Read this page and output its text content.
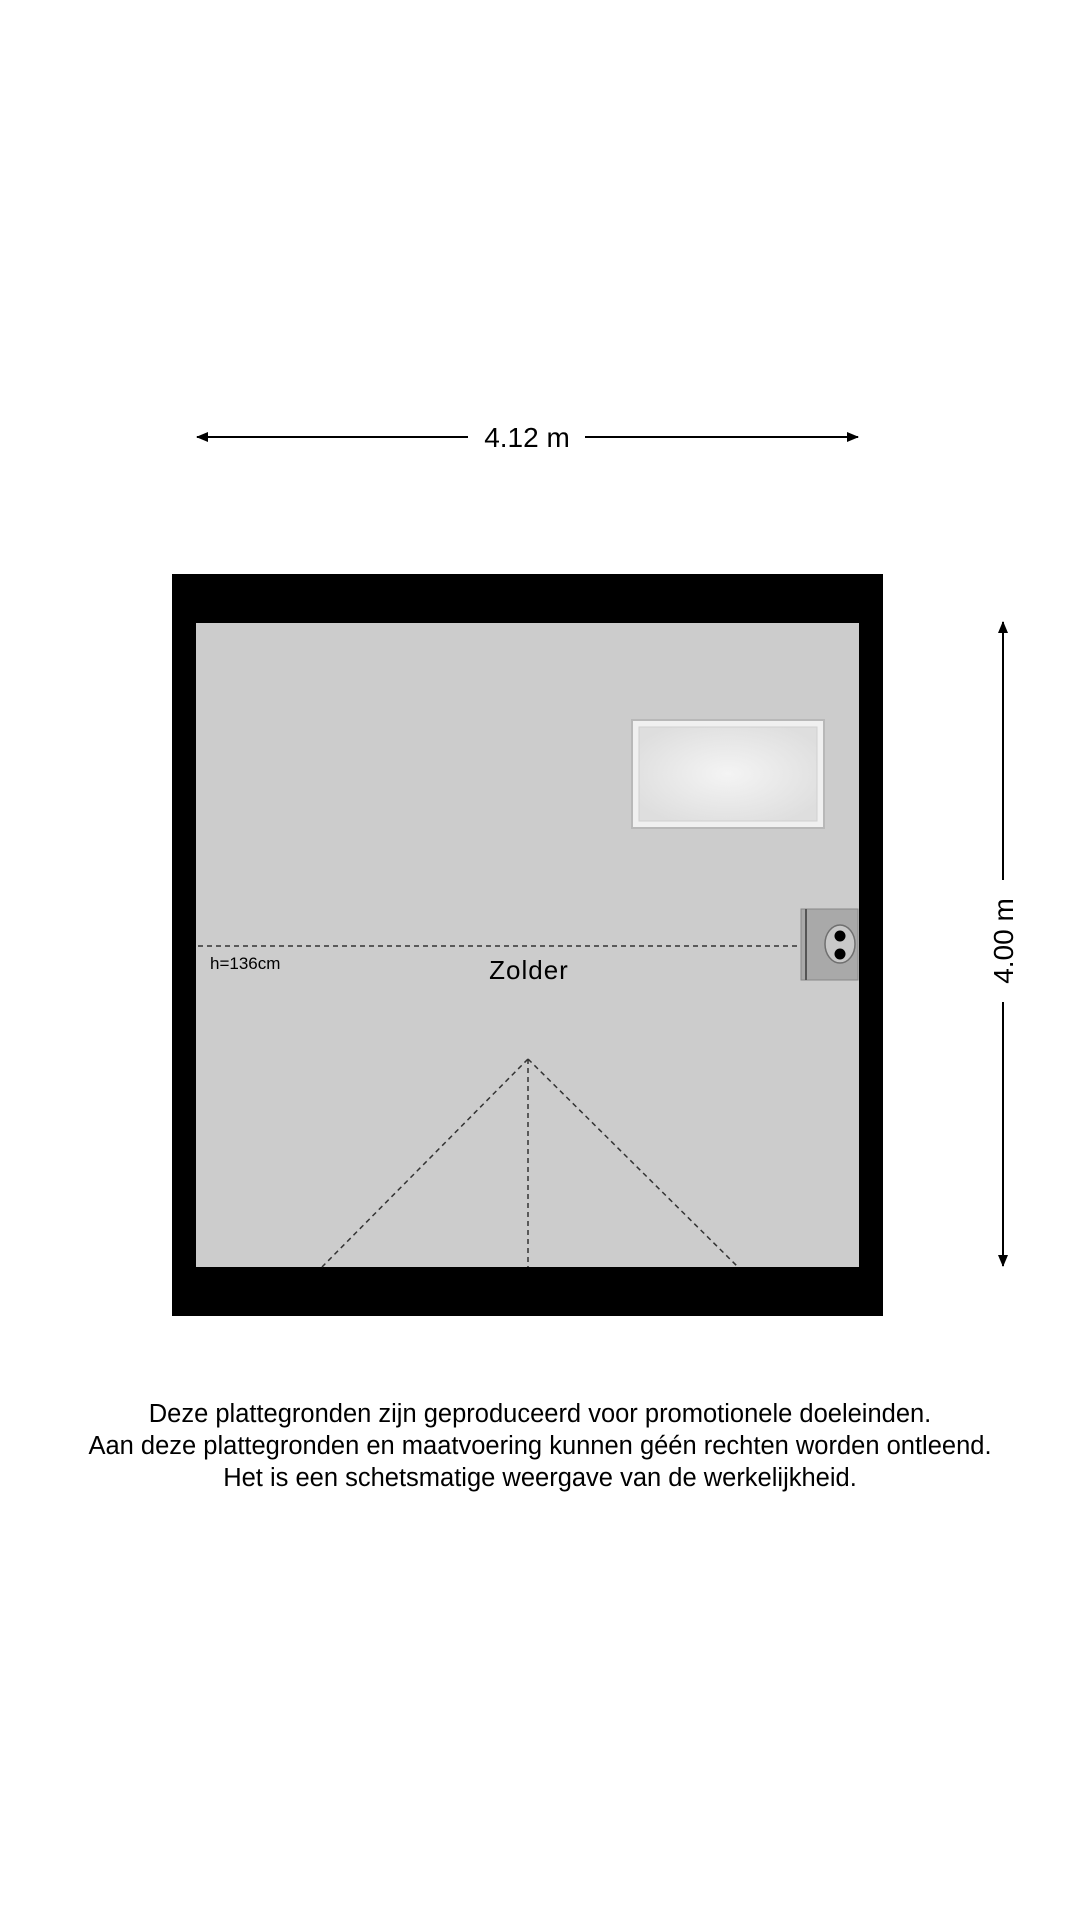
4.12 m
4.00 m
h=136cm	Zolder
Deze plattegronden zijn geproduceerd voor promotionele doeleinden.
Aan deze plattegronden en maatvoering kunnen géén rechten worden ontleend.
Het is een schetsmatige weergave van de werkelijkheid.
